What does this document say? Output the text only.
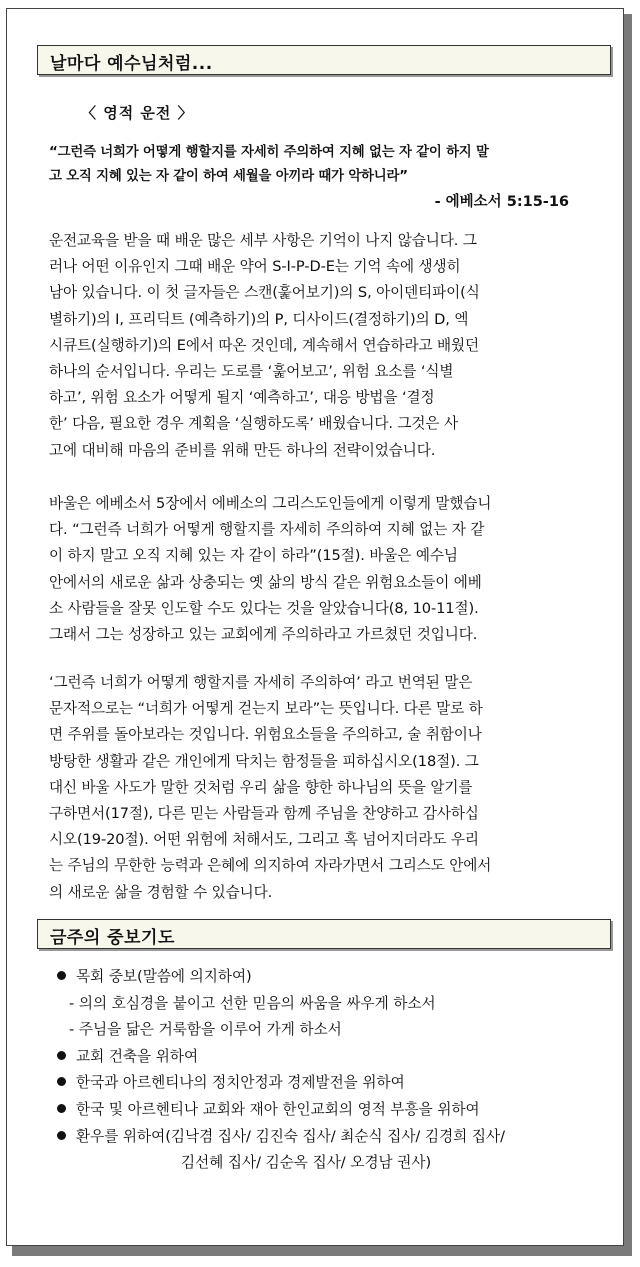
날마다 예수님처럼...
〈 영적 운전 〉

“그런즉 너희가 어떻게 행할지를 자세히 주의하여 지혜 없는 자 같이 하지 말

고 오직 지혜 있는 자 같이 하여 세월을 아끼라 때가 악하니라”

- 에베소서 5:15-16

운전교육을 받을 때 배운 많은 세부 사항은 기억이 나지 않습니다. 그

러나 어떤 이유인지 그때 배운 약어 S-I-P-D-E는 기억 속에 생생히

남아 있습니다. 이 첫 글자들은 스캔(훑어보기)의 S, 아이덴티파이(식

별하기)의 I, 프리딕트 (예측하기)의 P, 디사이드(결정하기)의 D, 엑

시큐트(실행하기)의 E에서 따온 것인데, 계속해서 연습하라고 배웠던

하나의 순서입니다. 우리는 도로를 ‘훑어보고’, 위험 요소를 ‘식별

하고’, 위험 요소가 어떻게 될지 ‘예측하고’, 대응 방법을 ‘결정

한’ 다음, 필요한 경우 계획을 ‘실행하도록’ 배웠습니다. 그것은 사

고에 대비해 마음의 준비를 위해 만든 하나의 전략이었습니다.

바울은 에베소서 5장에서 에베소의 그리스도인들에게 이렇게 말했습니

다. “그런즉 너희가 어떻게 행할지를 자세히 주의하여 지혜 없는 자 같

이 하지 말고 오직 지혜 있는 자 같이 하라”(15절). 바울은 예수님

안에서의 새로운 삶과 상충되는 옛 삶의 방식 같은 위험요소들이 에베

소 사람들을 잘못 인도할 수도 있다는 것을 알았습니다(8, 10-11절).

그래서 그는 성장하고 있는 교회에게 주의하라고 가르쳤던 것입니다.

‘그런즉 너희가 어떻게 행할지를 자세히 주의하여’ 라고 번역된 말은

문자적으로는 “너희가 어떻게 걷는지 보라”는 뜻입니다. 다른 말로 하

면 주위를 돌아보라는 것입니다. 위험요소들을 주의하고, 술 취함이나

방탕한 생활과 같은 개인에게 닥치는 함정들을 피하십시오(18절). 그

대신 바울 사도가 말한 것처럼 우리 삶을 향한 하나님의 뜻을 알기를

구하면서(17절), 다른 믿는 사람들과 함께 주님을 찬양하고 감사하십

시오(19-20절). 어떤 위험에 처해서도, 그리고 혹 넘어지더라도 우리

는 주님의 무한한 능력과 은혜에 의지하여 자라가면서 그리스도 안에서

의 새로운 삶을 경험할 수 있습니다.

금주의 중보기도
목회 중보(말씀에 의지하여)
- 의의 호심경을 붙이고 선한 믿음의 싸움을 싸우게 하소서
- 주님을 닮은 거룩함을 이루어 가게 하소서
교회 건축을 위하여
한국과 아르헨티나의 정치안정과 경제발전을 위하여
한국 및 아르헨티나 교회와 재아 한인교회의 영적 부흥을 위하여
환우를 위하여(김낙겸 집사/ 김진숙 집사/ 최순식 집사/ 김경희 집사/
김선혜 집사/ 김순옥 집사/ 오경남 권사)
